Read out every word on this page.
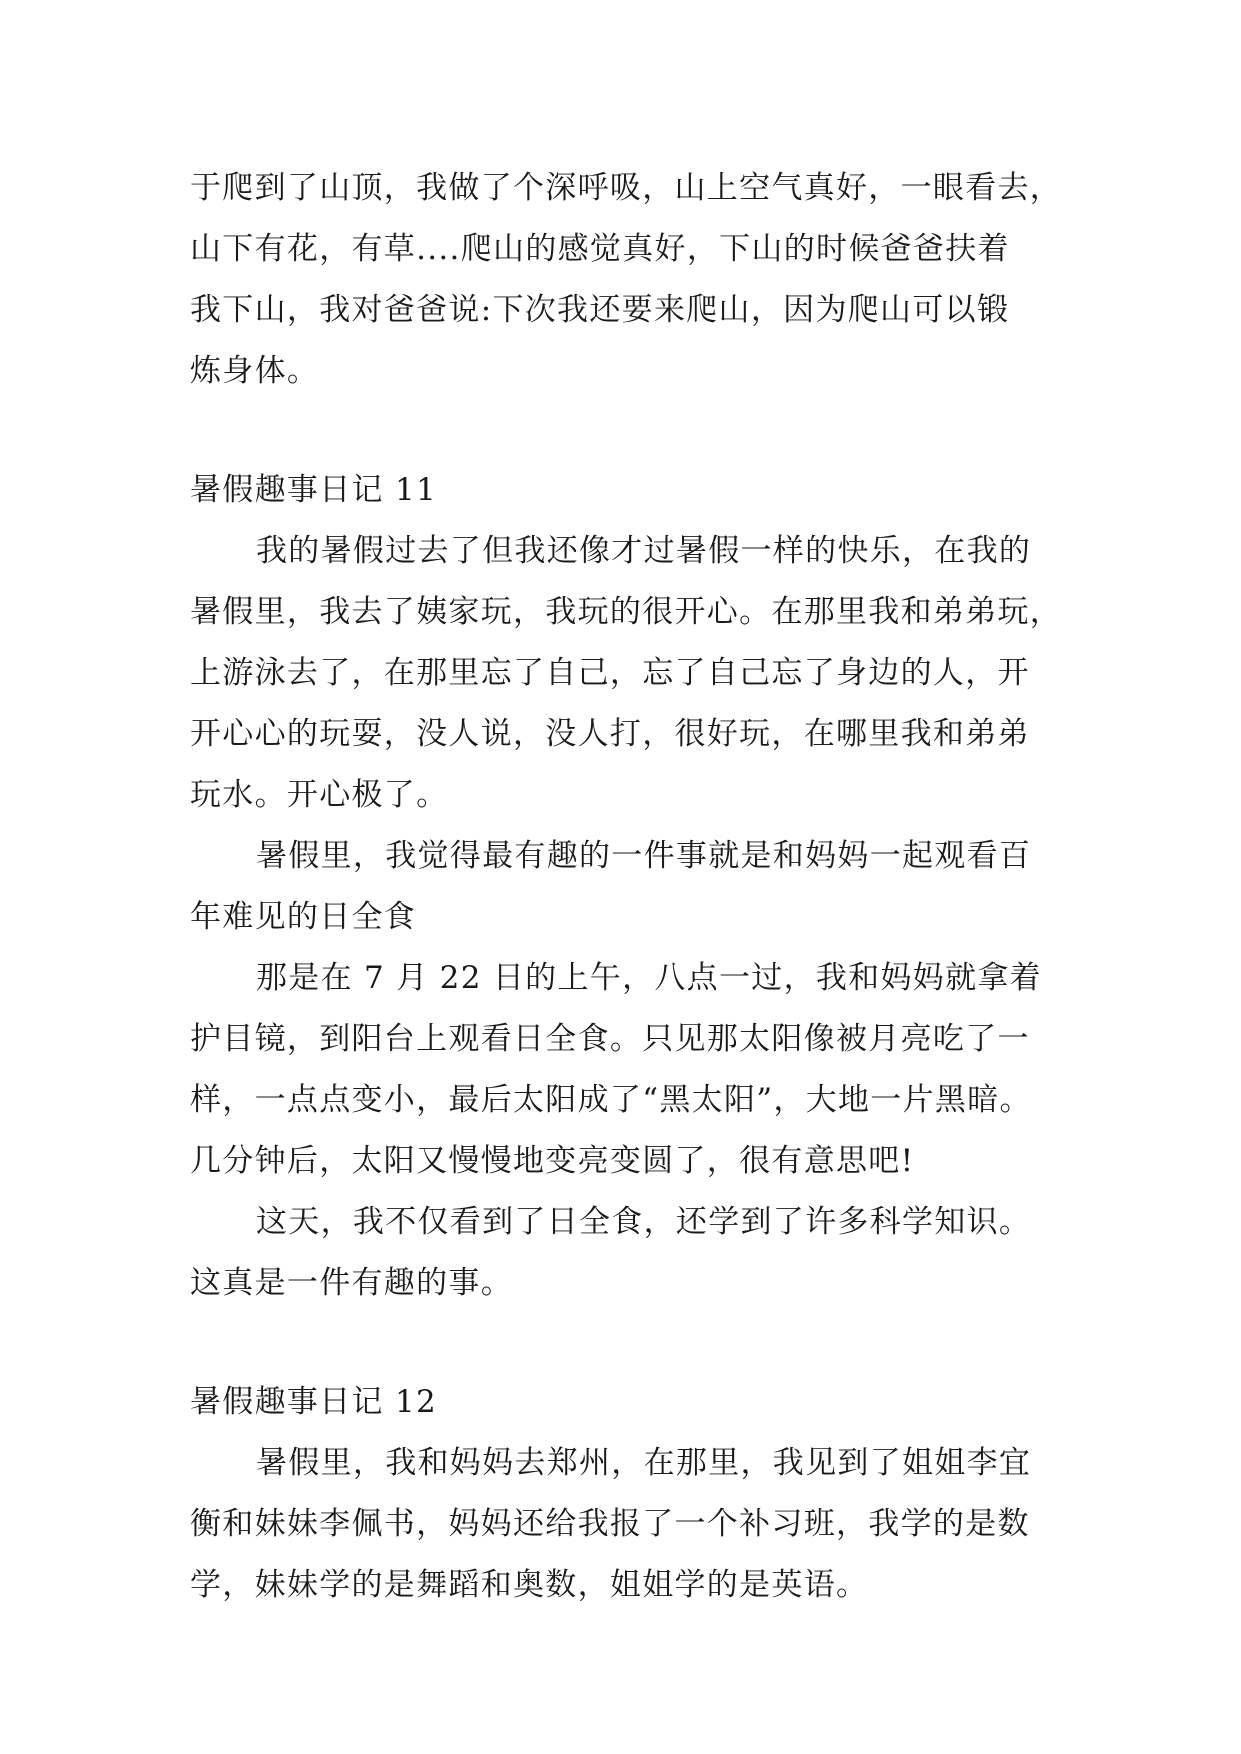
于爬到了山顶，我做了个深呼吸，山上空气真好，一眼看去，
山下有花，有草....爬山的感觉真好，下山的时候爸爸扶着
我下山，我对爸爸说:下次我还要来爬山，因为爬山可以锻
炼身体。
暑假趣事日记 11
我的暑假过去了但我还像才过暑假一样的快乐，在我的
暑假里，我去了姨家玩，我玩的很开心。在那里我和弟弟玩，
上游泳去了，在那里忘了自己，忘了自己忘了身边的人，开
开心心的玩耍，没人说，没人打，很好玩，在哪里我和弟弟
玩水。开心极了。
暑假里，我觉得最有趣的一件事就是和妈妈一起观看百
年难见的日全食
那是在 7 月 22 日的上午，八点一过，我和妈妈就拿着
护目镜，到阳台上观看日全食。只见那太阳像被月亮吃了一
样，一点点变小，最后太阳成了“黑太阳”，大地一片黑暗。
几分钟后，太阳又慢慢地变亮变圆了，很有意思吧!
这天，我不仅看到了日全食，还学到了许多科学知识。
这真是一件有趣的事。
暑假趣事日记 12
暑假里，我和妈妈去郑州，在那里，我见到了姐姐李宜
衡和妹妹李佩书，妈妈还给我报了一个补习班，我学的是数
学，妹妹学的是舞蹈和奥数，姐姐学的是英语。
